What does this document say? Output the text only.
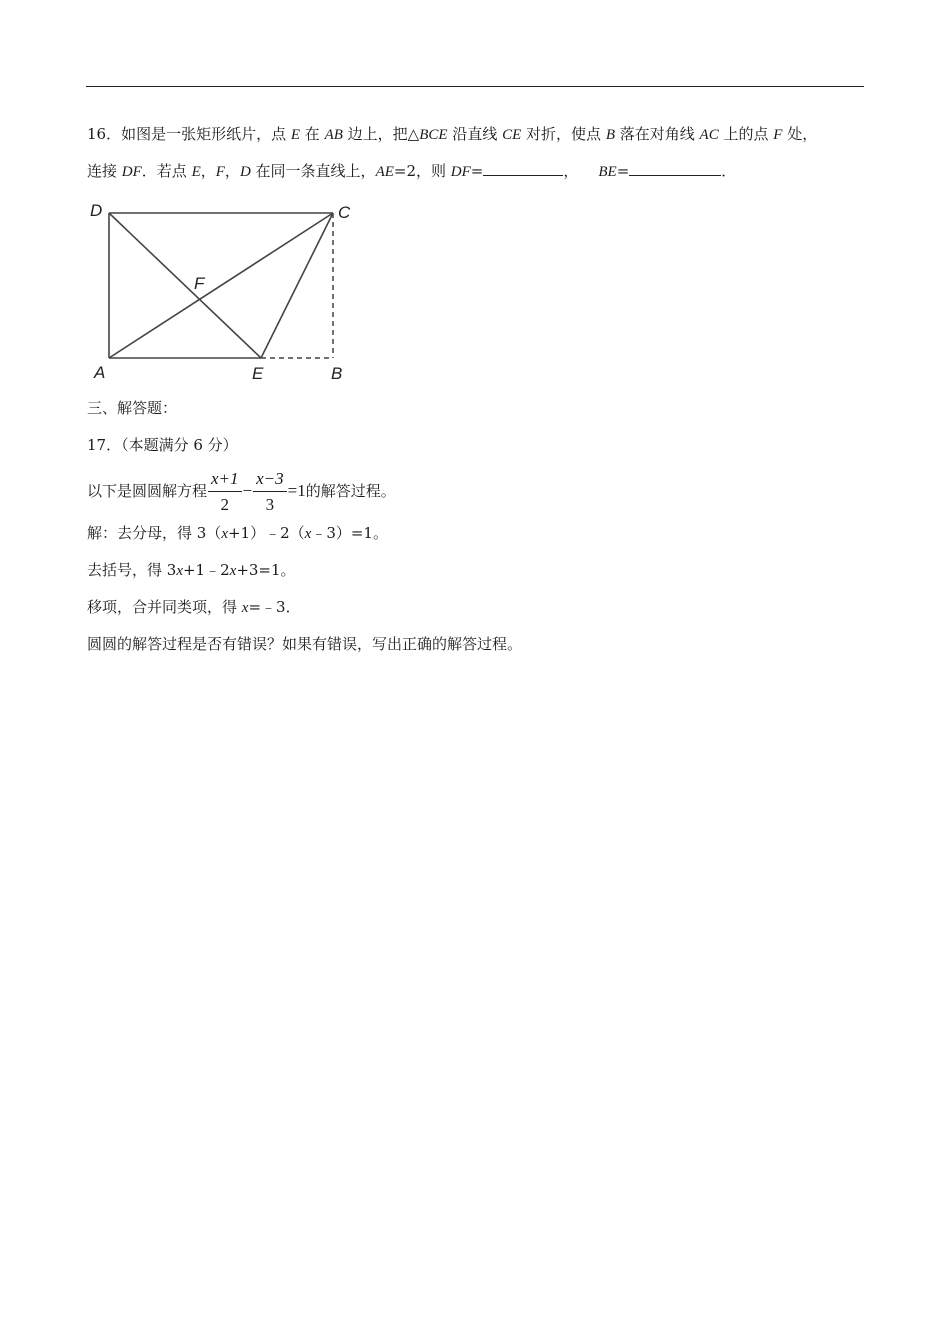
16．如图是一张矩形纸片，点 E 在 AB 边上，把△BCE 沿直线 CE 对折，使点 B 落在对角线 AC 上的点 F 处，
连接 DF．若点 E，F，D 在同一条直线上，AE=2，则 DF=	， BE=	．
D	C
F
A	E	B
三、解答题：
17．（本题满分 6 分）
以下是圆圆解方程 $\frac{x+1}{2} - \frac{x-3}{3} =1$的解答过程。
解：去分母，得 3（x+1）﹣2（x﹣3）=1。
去括号，得 3x+1﹣2x+3=1。
移项，合并同类项，得 x=﹣3．
圆圆的解答过程是否有错误？如果有错误，写出正确的解答过程。
